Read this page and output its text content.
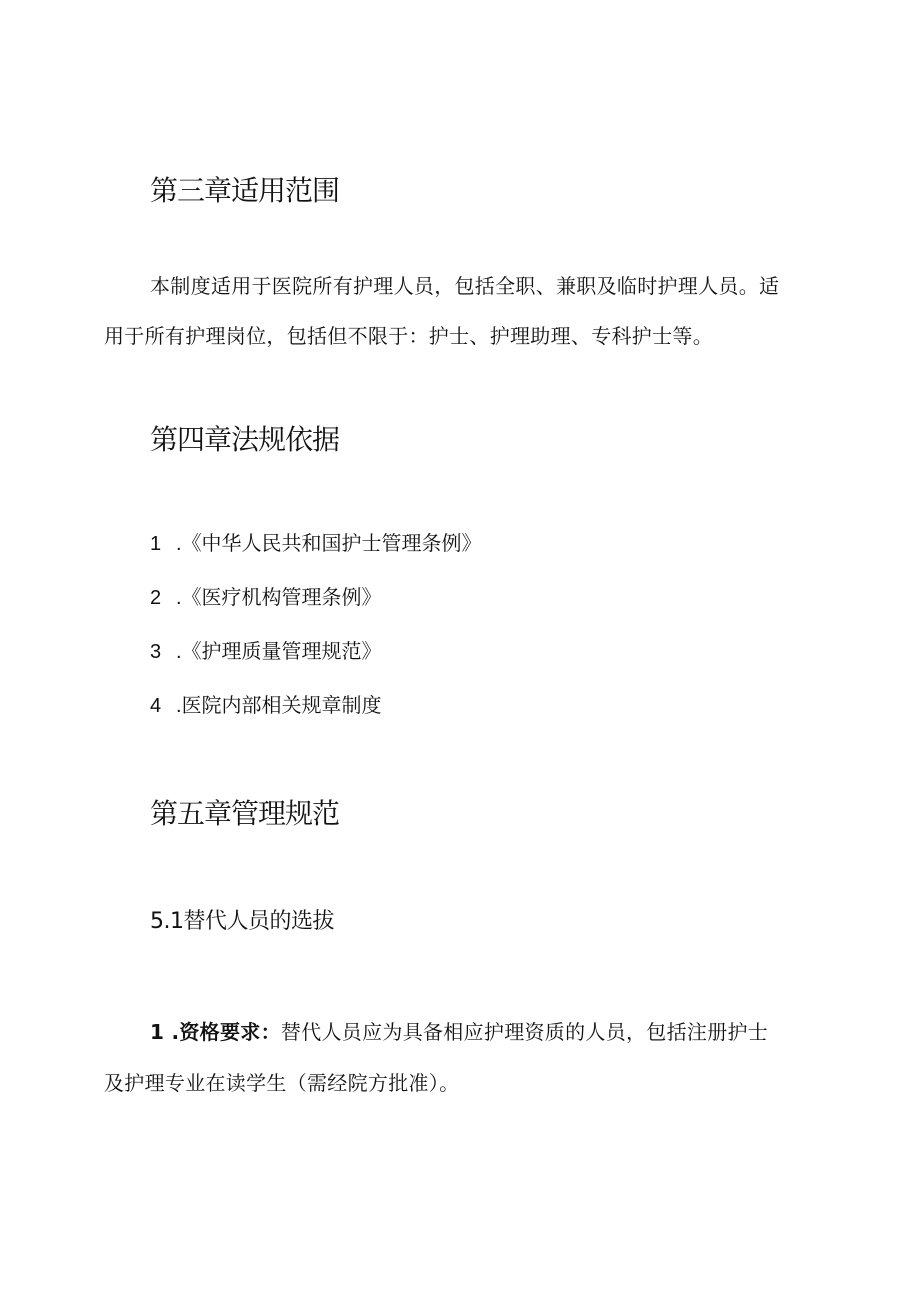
第三章适用范围
本制度适用于医院所有护理人员，包括全职、兼职及临时护理人员。适
用于所有护理岗位，包括但不限于：护士、护理助理、专科护士等。
第四章法规依据
1 .《中华人民共和国护士管理条例》
2 .《医疗机构管理条例》
3 .《护理质量管理规范》
4 .医院内部相关规章制度
第五章管理规范
5.1替代人员的选拔
1 .资格要求：替代人员应为具备相应护理资质的人员，包括注册护士
及护理专业在读学生（需经院方批准）。
